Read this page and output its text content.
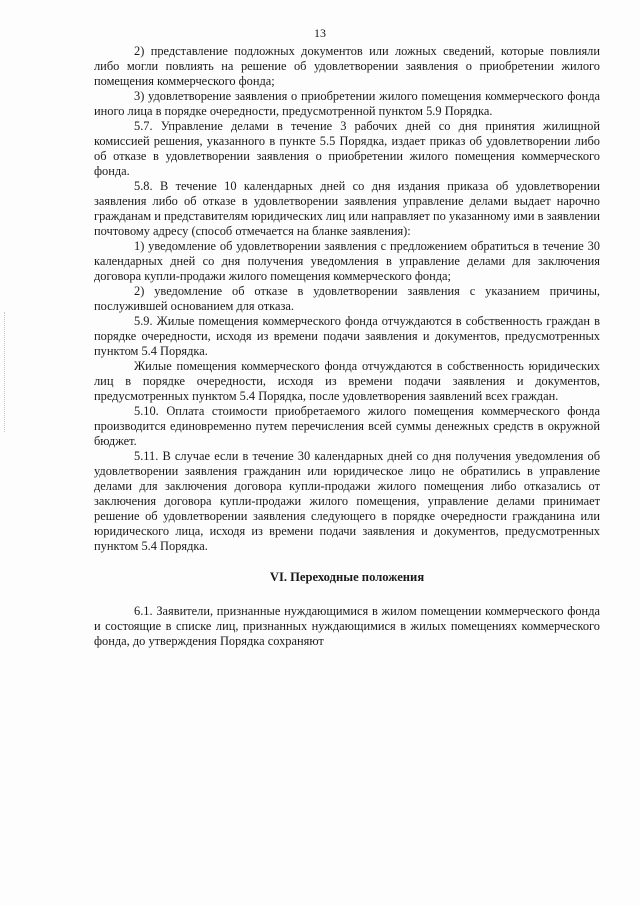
13

2) представление подложных документов или ложных сведений, которые повлияли либо могли повлиять на решение об удовлетворении заявления о приобретении жилого помещения коммерческого фонда;

3) удовлетворение заявления о приобретении жилого помещения коммерческого фонда иного лица в порядке очередности, предусмотренной пунктом 5.9 Порядка.

5.7. Управление делами в течение 3 рабочих дней со дня принятия жилищной комиссией решения, указанного в пункте 5.5 Порядка, издает приказ об удовлетворении либо об отказе в удовлетворении заявления о приобретении жилого помещения коммерческого фонда.

5.8. В течение 10 календарных дней со дня издания приказа об удовлетворении заявления либо об отказе в удовлетворении заявления управление делами выдает нарочно гражданам и представителям юридических лиц или направляет по указанному ими в заявлении почтовому адресу (способ отмечается на бланке заявления):

1) уведомление об удовлетворении заявления с предложением обратиться в течение 30 календарных дней со дня получения уведомления в управление делами для заключения договора купли-продажи жилого помещения коммерческого фонда;

2) уведомление об отказе в удовлетворении заявления с указанием причины, послужившей основанием для отказа.

5.9. Жилые помещения коммерческого фонда отчуждаются в собственность граждан в порядке очередности, исходя из времени подачи заявления и документов, предусмотренных пунктом 5.4 Порядка.

Жилые помещения коммерческого фонда отчуждаются в собственность юридических лиц в порядке очередности, исходя из времени подачи заявления и документов, предусмотренных пунктом 5.4 Порядка, после удовлетворения заявлений всех граждан.

5.10. Оплата стоимости приобретаемого жилого помещения коммерческого фонда производится единовременно путем перечисления всей суммы денежных средств в окружной бюджет.

5.11. В случае если в течение 30 календарных дней со дня получения уведомления об удовлетворении заявления гражданин или юридическое лицо не обратились в управление делами для заключения договора купли-продажи жилого помещения либо отказались от заключения договора купли-продажи жилого помещения, управление делами принимает решение об удовлетворении заявления следующего в порядке очередности гражданина или юридического лица, исходя из времени подачи заявления и документов, предусмотренных пунктом 5.4 Порядка.

VI. Переходные положения

6.1. Заявители, признанные нуждающимися в жилом помещении коммерческого фонда и состоящие в списке лиц, признанных нуждающимися в жилых помещениях коммерческого фонда, до утверждения Порядка сохраняют
